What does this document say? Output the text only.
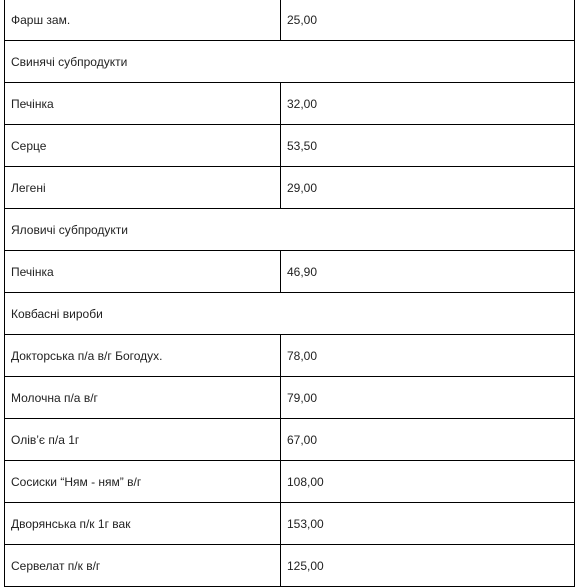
Фарш зам.	25,00
Свинячі субпродукти	
Печінка	32,00
Серце	53,50
Легені	29,00
Яловичі субпродукти	
Печінка	46,90
Ковбасні вироби	
Докторська п/а в/г Богодух.	78,00
Молочна п/а в/г	79,00
Олів’є п/а 1г	67,00
Сосиски “Ням - ням” в/г	108,00
Дворянська п/к 1г вак	153,00
Сервелат п/к в/г	125,00
